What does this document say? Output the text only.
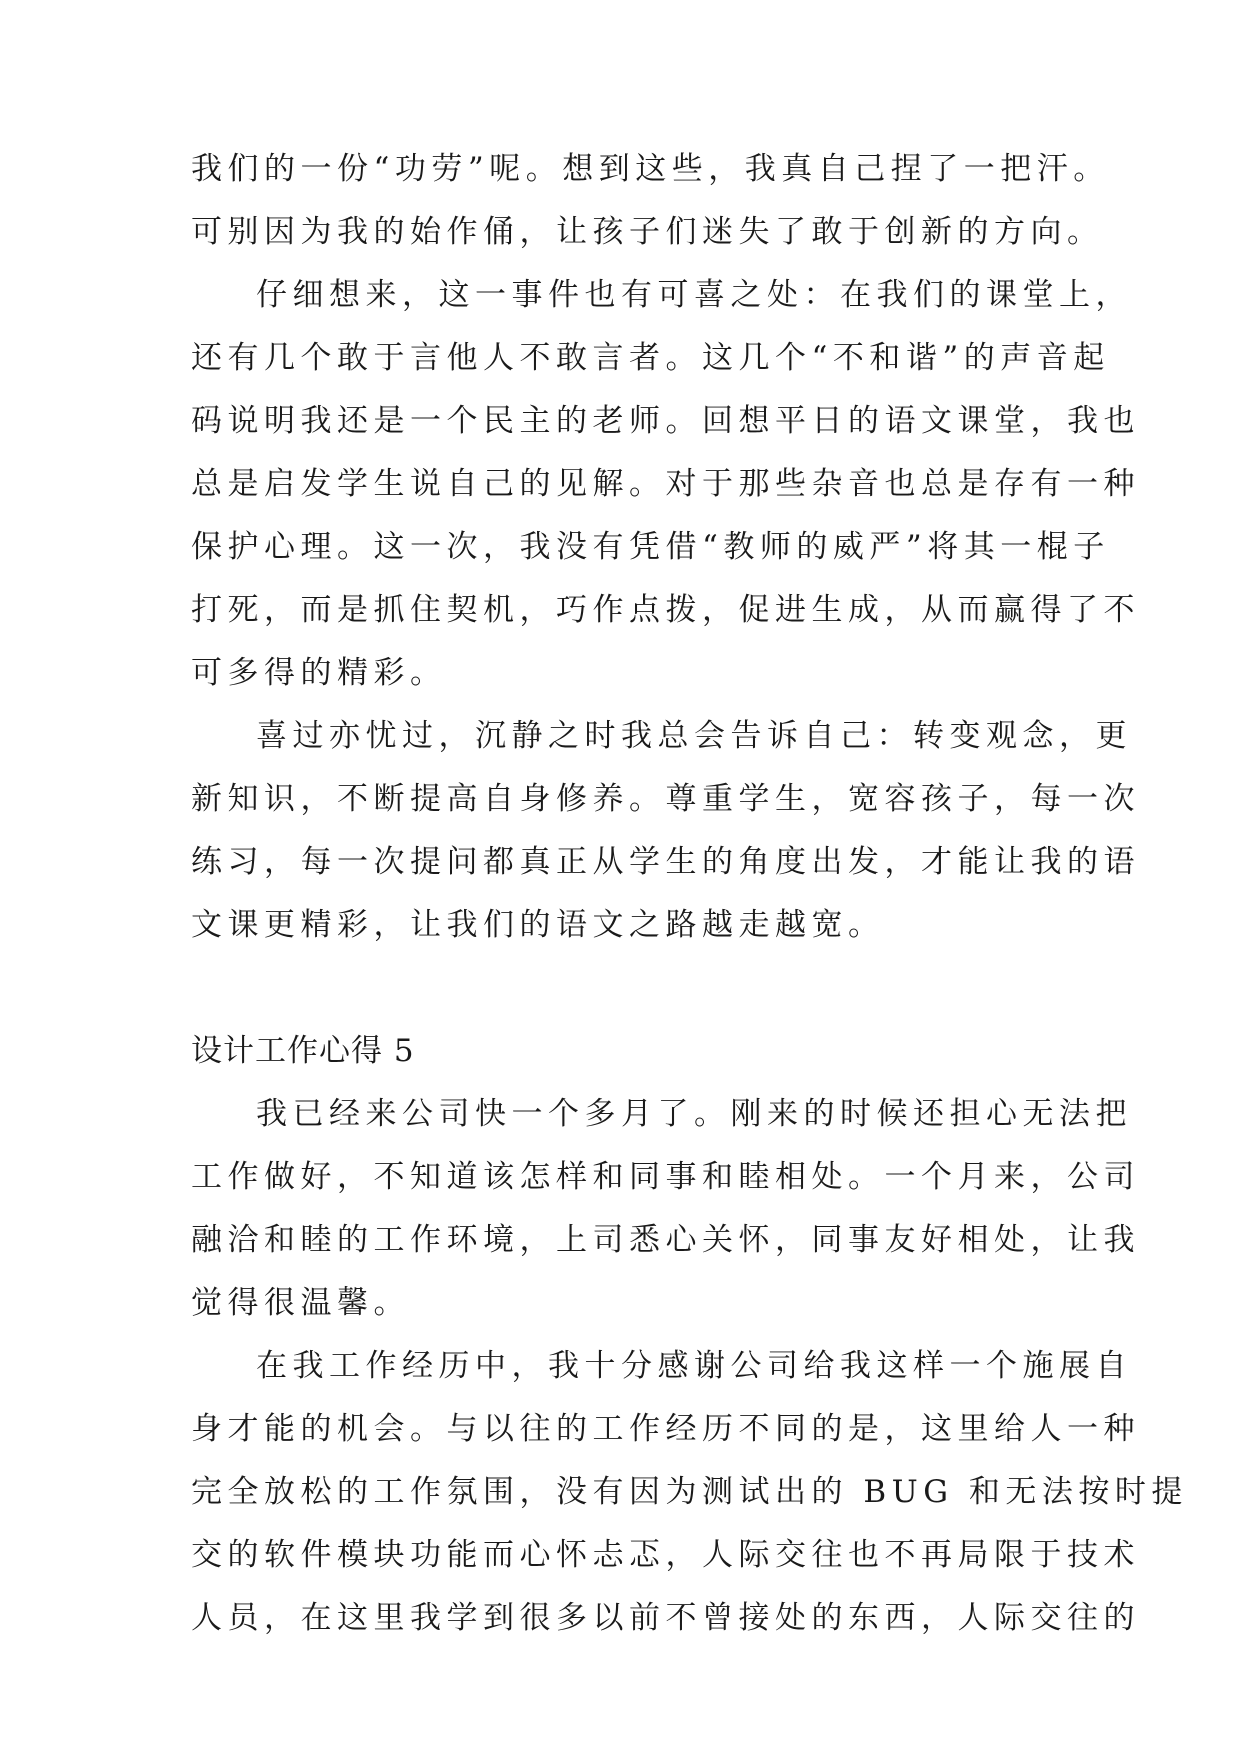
我们的一份“功劳”呢。想到这些，我真自己捏了一把汗。
可别因为我的始作俑，让孩子们迷失了敢于创新的方向。
仔细想来，这一事件也有可喜之处：在我们的课堂上，
还有几个敢于言他人不敢言者。这几个“不和谐”的声音起
码说明我还是一个民主的老师。回想平日的语文课堂，我也
总是启发学生说自己的见解。对于那些杂音也总是存有一种
保护心理。这一次，我没有凭借“教师的威严”将其一棍子
打死，而是抓住契机，巧作点拨，促进生成，从而赢得了不
可多得的精彩。
喜过亦忧过，沉静之时我总会告诉自己：转变观念，更
新知识，不断提高自身修养。尊重学生，宽容孩子，每一次
练习，每一次提问都真正从学生的角度出发，才能让我的语
文课更精彩，让我们的语文之路越走越宽。
设计工作心得 5
我已经来公司快一个多月了。刚来的时候还担心无法把
工作做好，不知道该怎样和同事和睦相处。一个月来，公司
融洽和睦的工作环境，上司悉心关怀，同事友好相处，让我
觉得很温馨。
在我工作经历中，我十分感谢公司给我这样一个施展自
身才能的机会。与以往的工作经历不同的是，这里给人一种
完全放松的工作氛围，没有因为测试出的 BUG 和无法按时提
交的软件模块功能而心怀忐忑，人际交往也不再局限于技术
人员，在这里我学到很多以前不曾接处的东西，人际交往的
